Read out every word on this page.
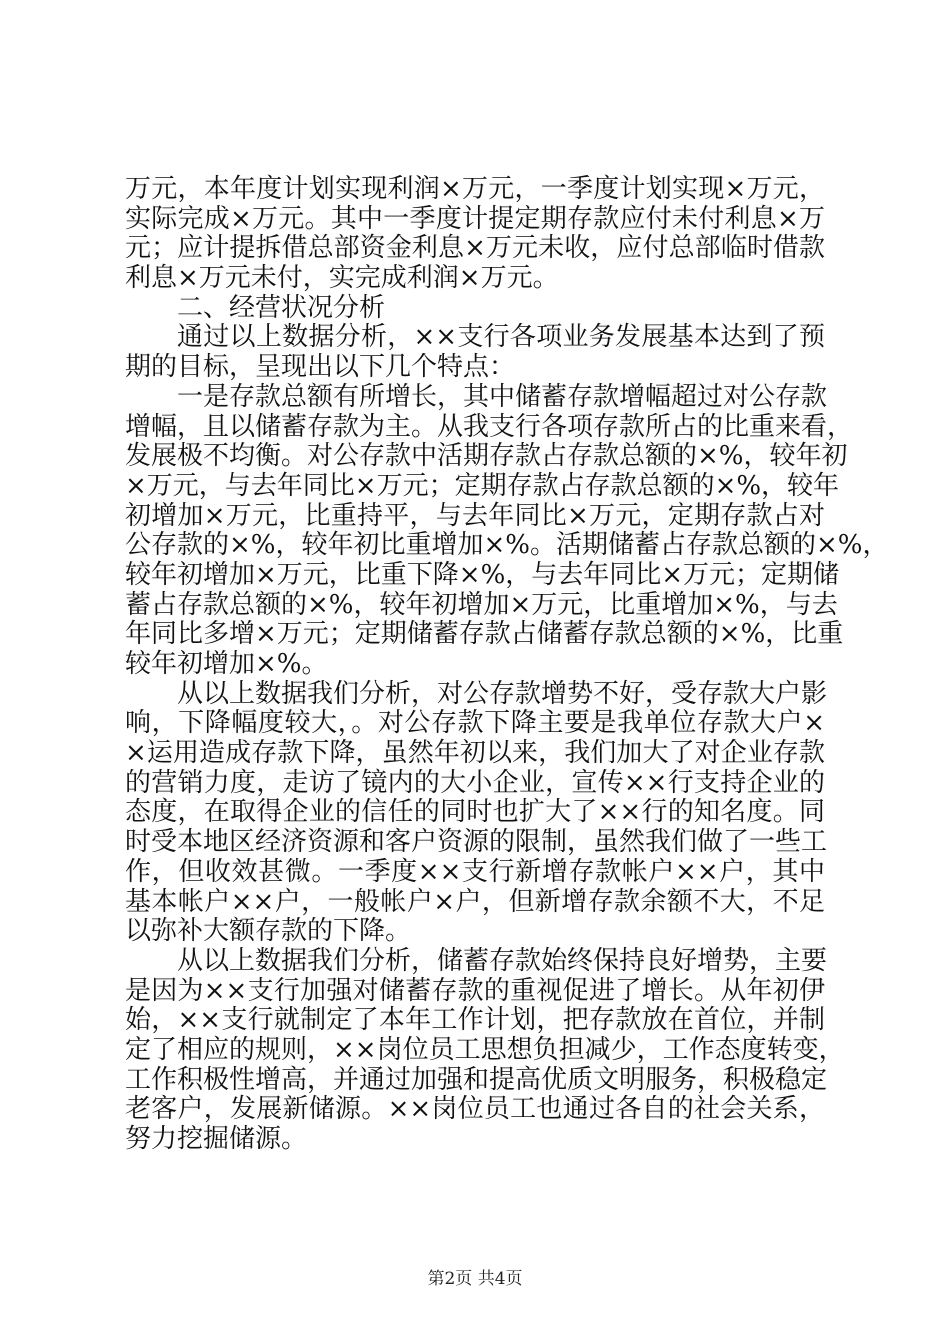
万元，本年度计划实现利润×万元，一季度计划实现×万元，
实际完成×万元。其中一季度计提定期存款应付未付利息×万
元；应计提拆借总部资金利息×万元未收，应付总部临时借款
利息×万元未付，实完成利润×万元。
二、经营状况分析
通过以上数据分析，××支行各项业务发展基本达到了预
期的目标，呈现出以下几个特点：
一是存款总额有所增长，其中储蓄存款增幅超过对公存款
增幅，且以储蓄存款为主。从我支行各项存款所占的比重来看，
发展极不均衡。对公存款中活期存款占存款总额的×%，较年初
×万元，与去年同比×万元；定期存款占存款总额的×%，较年
初增加×万元，比重持平，与去年同比×万元，定期存款占对
公存款的×%，较年初比重增加×%。活期储蓄占存款总额的×%，
较年初增加×万元，比重下降×%，与去年同比×万元；定期储
蓄占存款总额的×%，较年初增加×万元，比重增加×%，与去
年同比多增×万元；定期储蓄存款占储蓄存款总额的×%，比重
较年初增加×%。
从以上数据我们分析，对公存款增势不好，受存款大户影
响，下降幅度较大，。对公存款下降主要是我单位存款大户×
×运用造成存款下降，虽然年初以来，我们加大了对企业存款
的营销力度，走访了镜内的大小企业，宣传××行支持企业的
态度，在取得企业的信任的同时也扩大了××行的知名度。同
时受本地区经济资源和客户资源的限制，虽然我们做了一些工
作，但收效甚微。一季度××支行新增存款帐户××户，其中
基本帐户××户，一般帐户×户，但新增存款余额不大，不足
以弥补大额存款的下降。
从以上数据我们分析，储蓄存款始终保持良好增势，主要
是因为××支行加强对储蓄存款的重视促进了增长。从年初伊
始，××支行就制定了本年工作计划，把存款放在首位，并制
定了相应的规则，××岗位员工思想负担减少，工作态度转变，
工作积极性增高，并通过加强和提高优质文明服务，积极稳定
老客户，发展新储源。××岗位员工也通过各自的社会关系，
努力挖掘储源。
第2页 共4页
